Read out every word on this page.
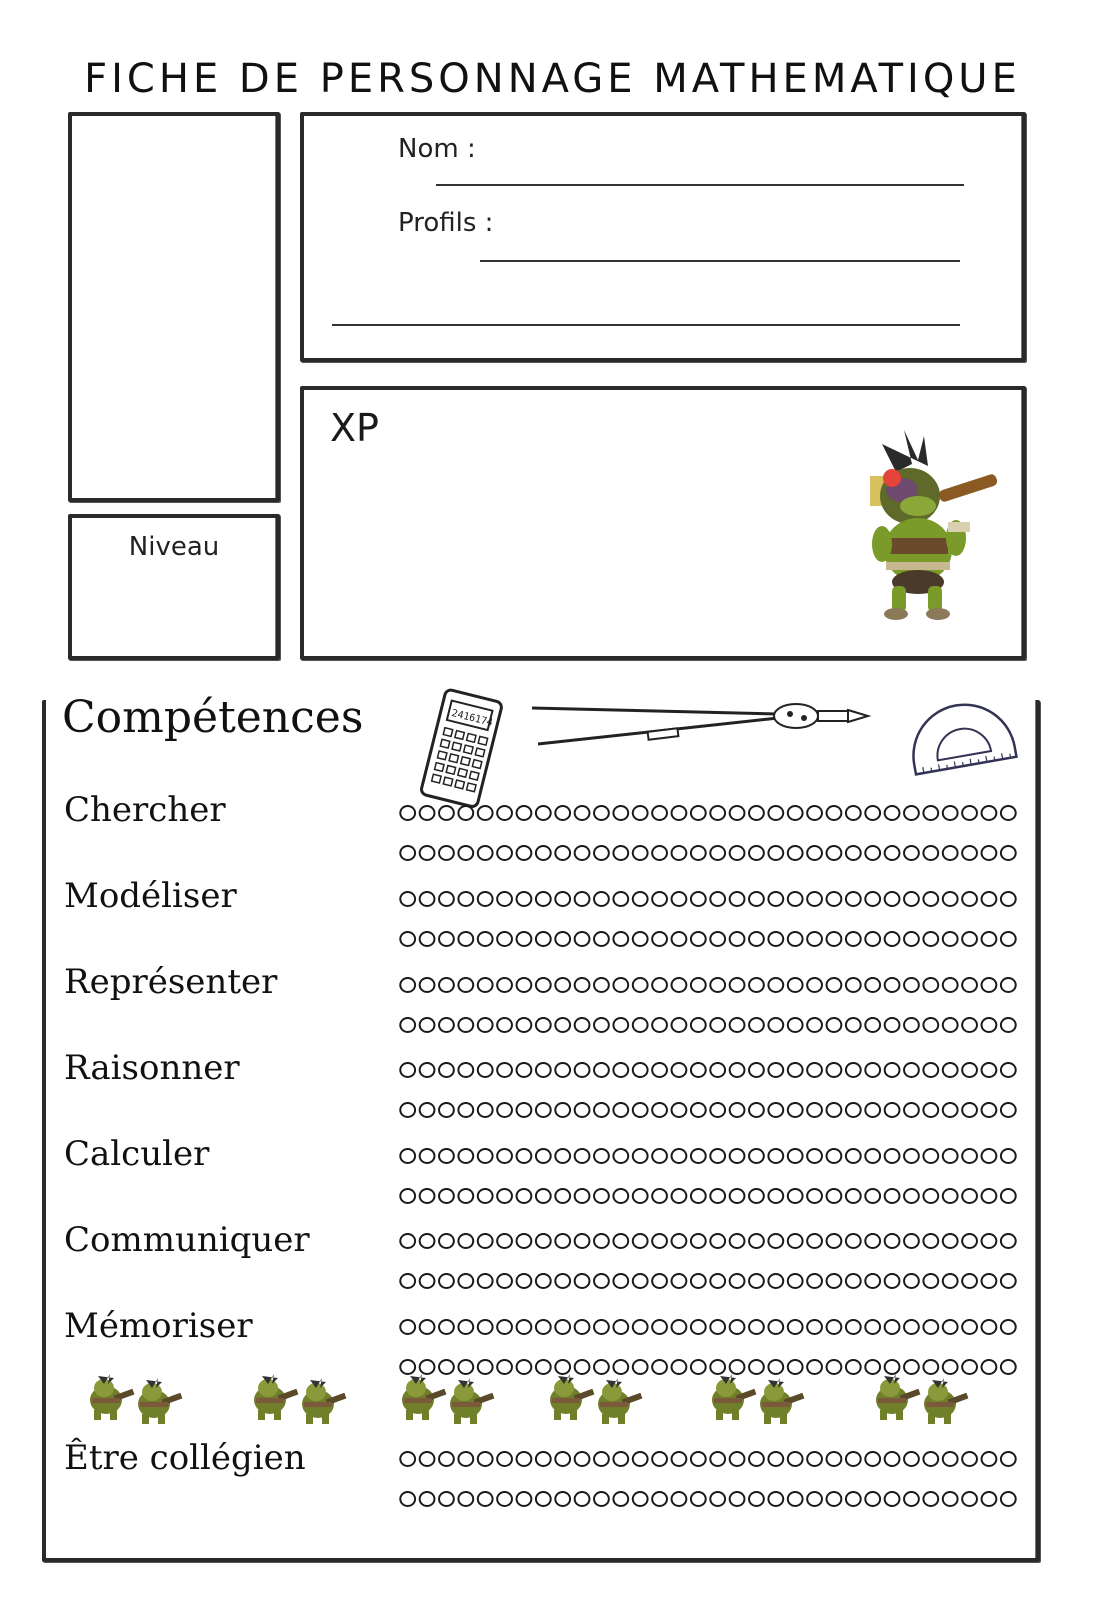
FICHE DE PERSONNAGE MATHEMATIQUE
Niveau
Nom :
Profils :
XP
Compétences	2416174
Chercher
Modéliser
Représenter
Raisonner
Calculer
Communiquer
Mémoriser
Être collégien
